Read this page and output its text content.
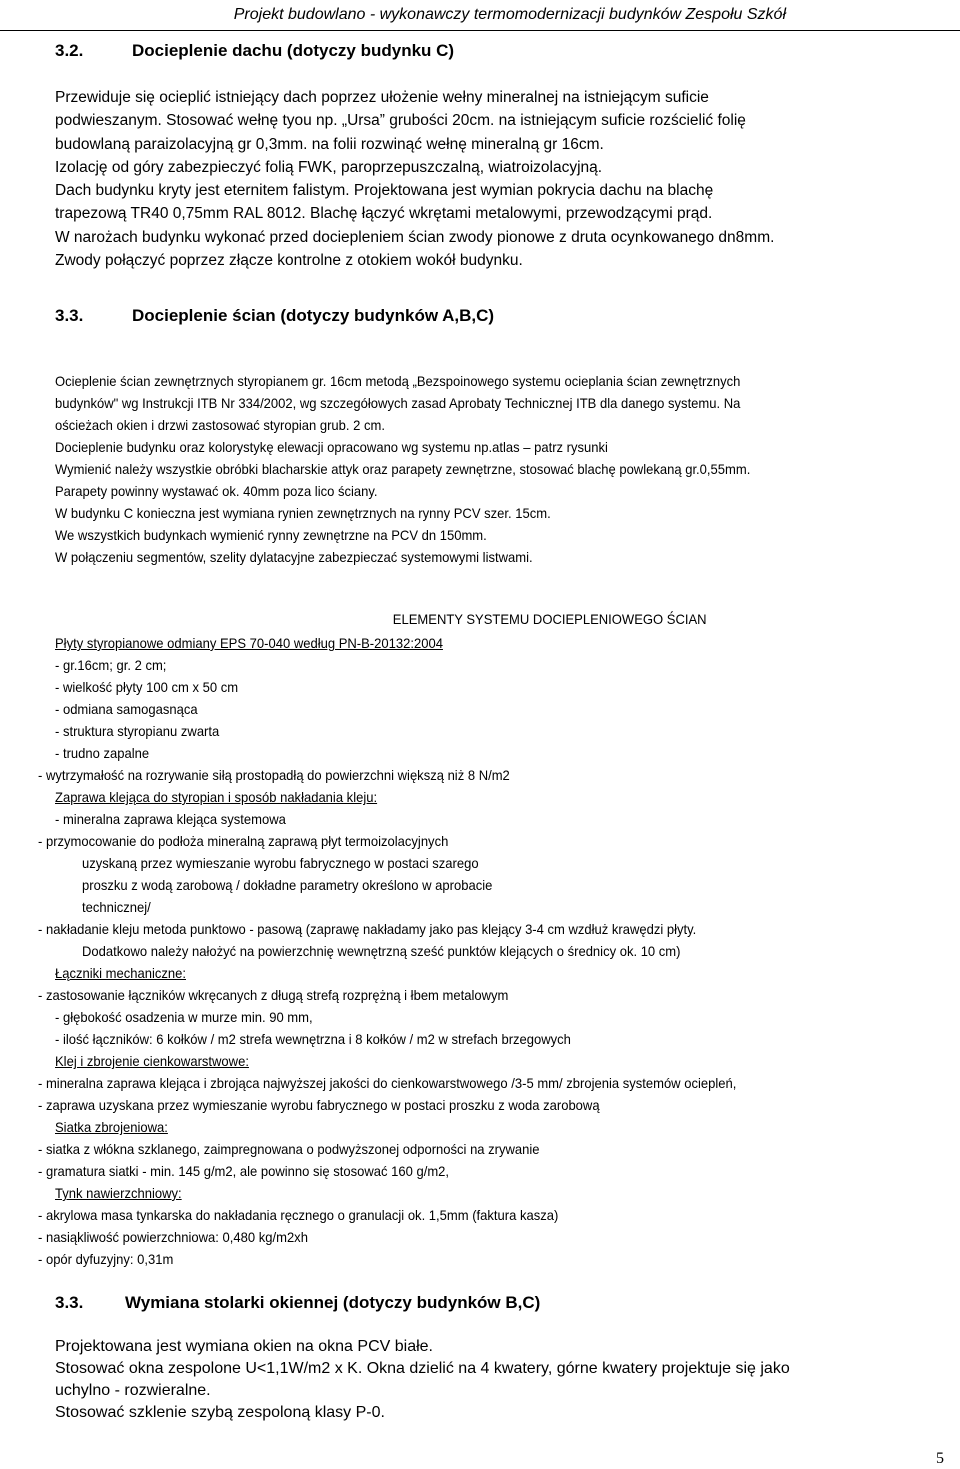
Projekt budowlano - wykonawczy termomodernizacji budynków Zespołu Szkół
3.2.	Docieplenie dachu (dotyczy budynku C)
Przewiduje się ocieplić istniejący dach poprzez ułożenie wełny mineralnej na istniejącym suficie
podwieszanym. Stosować wełnę tyou np. „Ursa” grubości 20cm. na istniejącym suficie rozścielić folię
budowlaną paraizolacyjną gr 0,3mm. na folii rozwinąć wełnę mineralną gr 16cm.
Izolację od góry zabezpieczyć folią FWK, paroprzepuszczalną, wiatroizolacyjną.
Dach budynku kryty jest eternitem falistym. Projektowana jest wymian pokrycia dachu na blachę
trapezową TR40 0,75mm RAL 8012. Blachę łączyć wkrętami metalowymi, przewodzącymi prąd.
W narożach budynku wykonać przed dociepleniem ścian zwody pionowe z druta ocynkowanego dn8mm.
Zwody połączyć poprzez złącze kontrolne z otokiem wokół budynku.
3.3.	Docieplenie ścian (dotyczy budynków A,B,C)
Ocieplenie ścian zewnętrznych styropianem gr. 16cm metodą „Bezspoinowego systemu ocieplania ścian zewnętrznych
budynków" wg Instrukcji ITB Nr 334/2002, wg szczegółowych zasad Aprobaty Technicznej ITB dla danego systemu. Na
ościeżach okien i drzwi zastosować styropian grub. 2 cm.
Docieplenie budynku oraz kolorystykę elewacji opracowano wg systemu np.atlas – patrz rysunki
Wymienić należy wszystkie obróbki blacharskie attyk oraz parapety zewnętrzne, stosować blachę powlekaną gr.0,55mm.
Parapety powinny wystawać ok. 40mm poza lico ściany.
W budynku C konieczna jest wymiana rynien zewnętrznych na rynny PCV szer. 15cm.
We wszystkich budynkach wymienić rynny zewnętrzne na PCV dn 150mm.
W połączeniu segmentów, szelity dylatacyjne zabezpieczać systemowymi listwami.
ELEMENTY SYSTEMU DOCIEPLENIOWEGO ŚCIAN
Płyty styropianowe odmiany EPS 70-040 według PN-B-20132:2004
- gr.16cm; gr. 2 cm;
- wielkość płyty 100 cm x 50 cm
- odmiana samogasnąca
- struktura styropianu zwarta
- trudno zapalne
- wytrzymałość na rozrywanie siłą prostopadłą do powierzchni większą niż 8 N/m2
Zaprawa klejąca do styropian i sposób nakładania kleju:
- mineralna zaprawa klejąca systemowa
- przymocowanie do podłoża mineralną zaprawą płyt termoizolacyjnych
uzyskaną przez wymieszanie wyrobu fabrycznego w postaci szarego
proszku z wodą zarobową / dokładne parametry określono w aprobacie
technicznej/
- nakładanie kleju metoda punktowo - pasową (zaprawę nakładamy jako pas klejący 3-4 cm wzdłuż krawędzi płyty.
Dodatkowo należy nałożyć na powierzchnię wewnętrzną sześć punktów klejących o średnicy ok. 10 cm)
Łączniki mechaniczne:
- zastosowanie łączników wkręcanych z długą strefą rozprężną i łbem metalowym
- głębokość osadzenia w murze min. 90 mm,
- ilość łączników: 6 kołków / m2 strefa wewnętrzna i 8 kołków / m2 w strefach brzegowych
Klej i zbrojenie cienkowarstwowe:
- mineralna zaprawa klejąca i zbrojąca najwyższej jakości do cienkowarstwowego /3-5 mm/ zbrojenia systemów ociepleń,
- zaprawa uzyskana przez wymieszanie wyrobu fabrycznego w postaci proszku z woda zarobową
Siatka zbrojeniowa:
- siatka z włókna szklanego, zaimpregnowana o podwyższonej odporności na zrywanie
- gramatura siatki - min. 145 g/m2, ale powinno się stosować 160 g/m2,
Tynk nawierzchniowy:
- akrylowa masa tynkarska do nakładania ręcznego o granulacji ok. 1,5mm (faktura kasza)
- nasiąkliwość powierzchniowa: 0,480 kg/m2xh
- opór dyfuzyjny: 0,31m
3.3. Wymiana stolarki okiennej (dotyczy budynków B,C)
Projektowana jest wymiana okien na okna PCV białe.
Stosować okna zespolone U<1,1W/m2 x K. Okna dzielić na 4 kwatery, górne kwatery projektuje się jako
uchylno - rozwieralne.
Stosować szklenie szybą zespoloną klasy P-0.
5
